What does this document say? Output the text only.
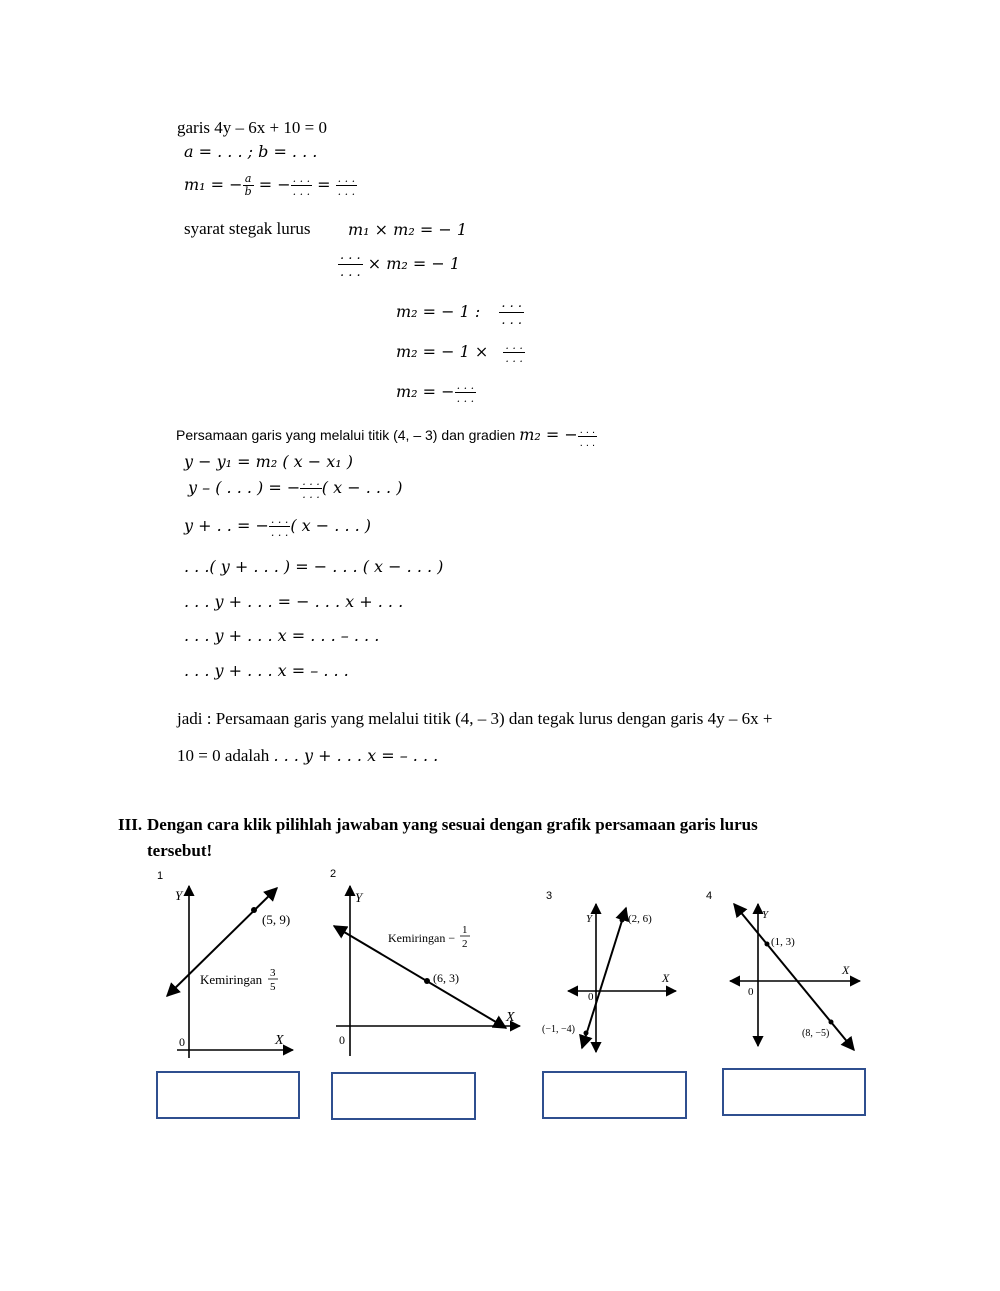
garis 4y – 6x + 10 = 0
a = . . . ; b = . . .
m₁ = − $\frac{a}{b}$ = − $\frac{. . .}{. . .} = \frac{. . .}{. . .}$
syarat stegak lurus m₁ × m₂ = − 1
$\frac{. . .}{. . .} \times m_2$ = − 1
m₂ = − 1 : $\frac{. . .}{. . .}$
m₂ = − $1 \times \frac{. . .}{. . .}$
m₂ = − $\frac{. . .}{. . .}$
Persamaan garis yang melalui titik (4, – 3) dan gradien m₂ = − $\frac{. . .}{. . .}$
y − y₁ = m₂ ( x − x₁ )
y – ( . . . ) = − $\frac{. . .}{. . .}$ ( x − . . . )
y + . . = − $\frac{. . .}{. . .}$ ( x − . . . )
. . .( y + . . . ) = − . . . ( x − . . . )
. . . y + . . . = − . . . x + . . .
. . . y + . . . x = . . . – . . .
. . . y + . . . x = – . . .
jadi : Persamaan garis yang melalui titik (4, – 3) dan tegak lurus dengan garis 4y – 6x +
10 = 0 adalah . . . y + . . . x = – . . .
III. Dengan cara klik pilihlah jawaban yang sesuai dengan grafik persamaan garis lurus
tersebut!
1
Y
X
0
(5, 9)
Kemiringan 3
5
2
Y
X
0
(6, 3)
Kemiringan −
1
2
3
Y
X
0
(2, 6)
(−1, −4)
4
Y
X
0
(1, 3)
(8, −5)
